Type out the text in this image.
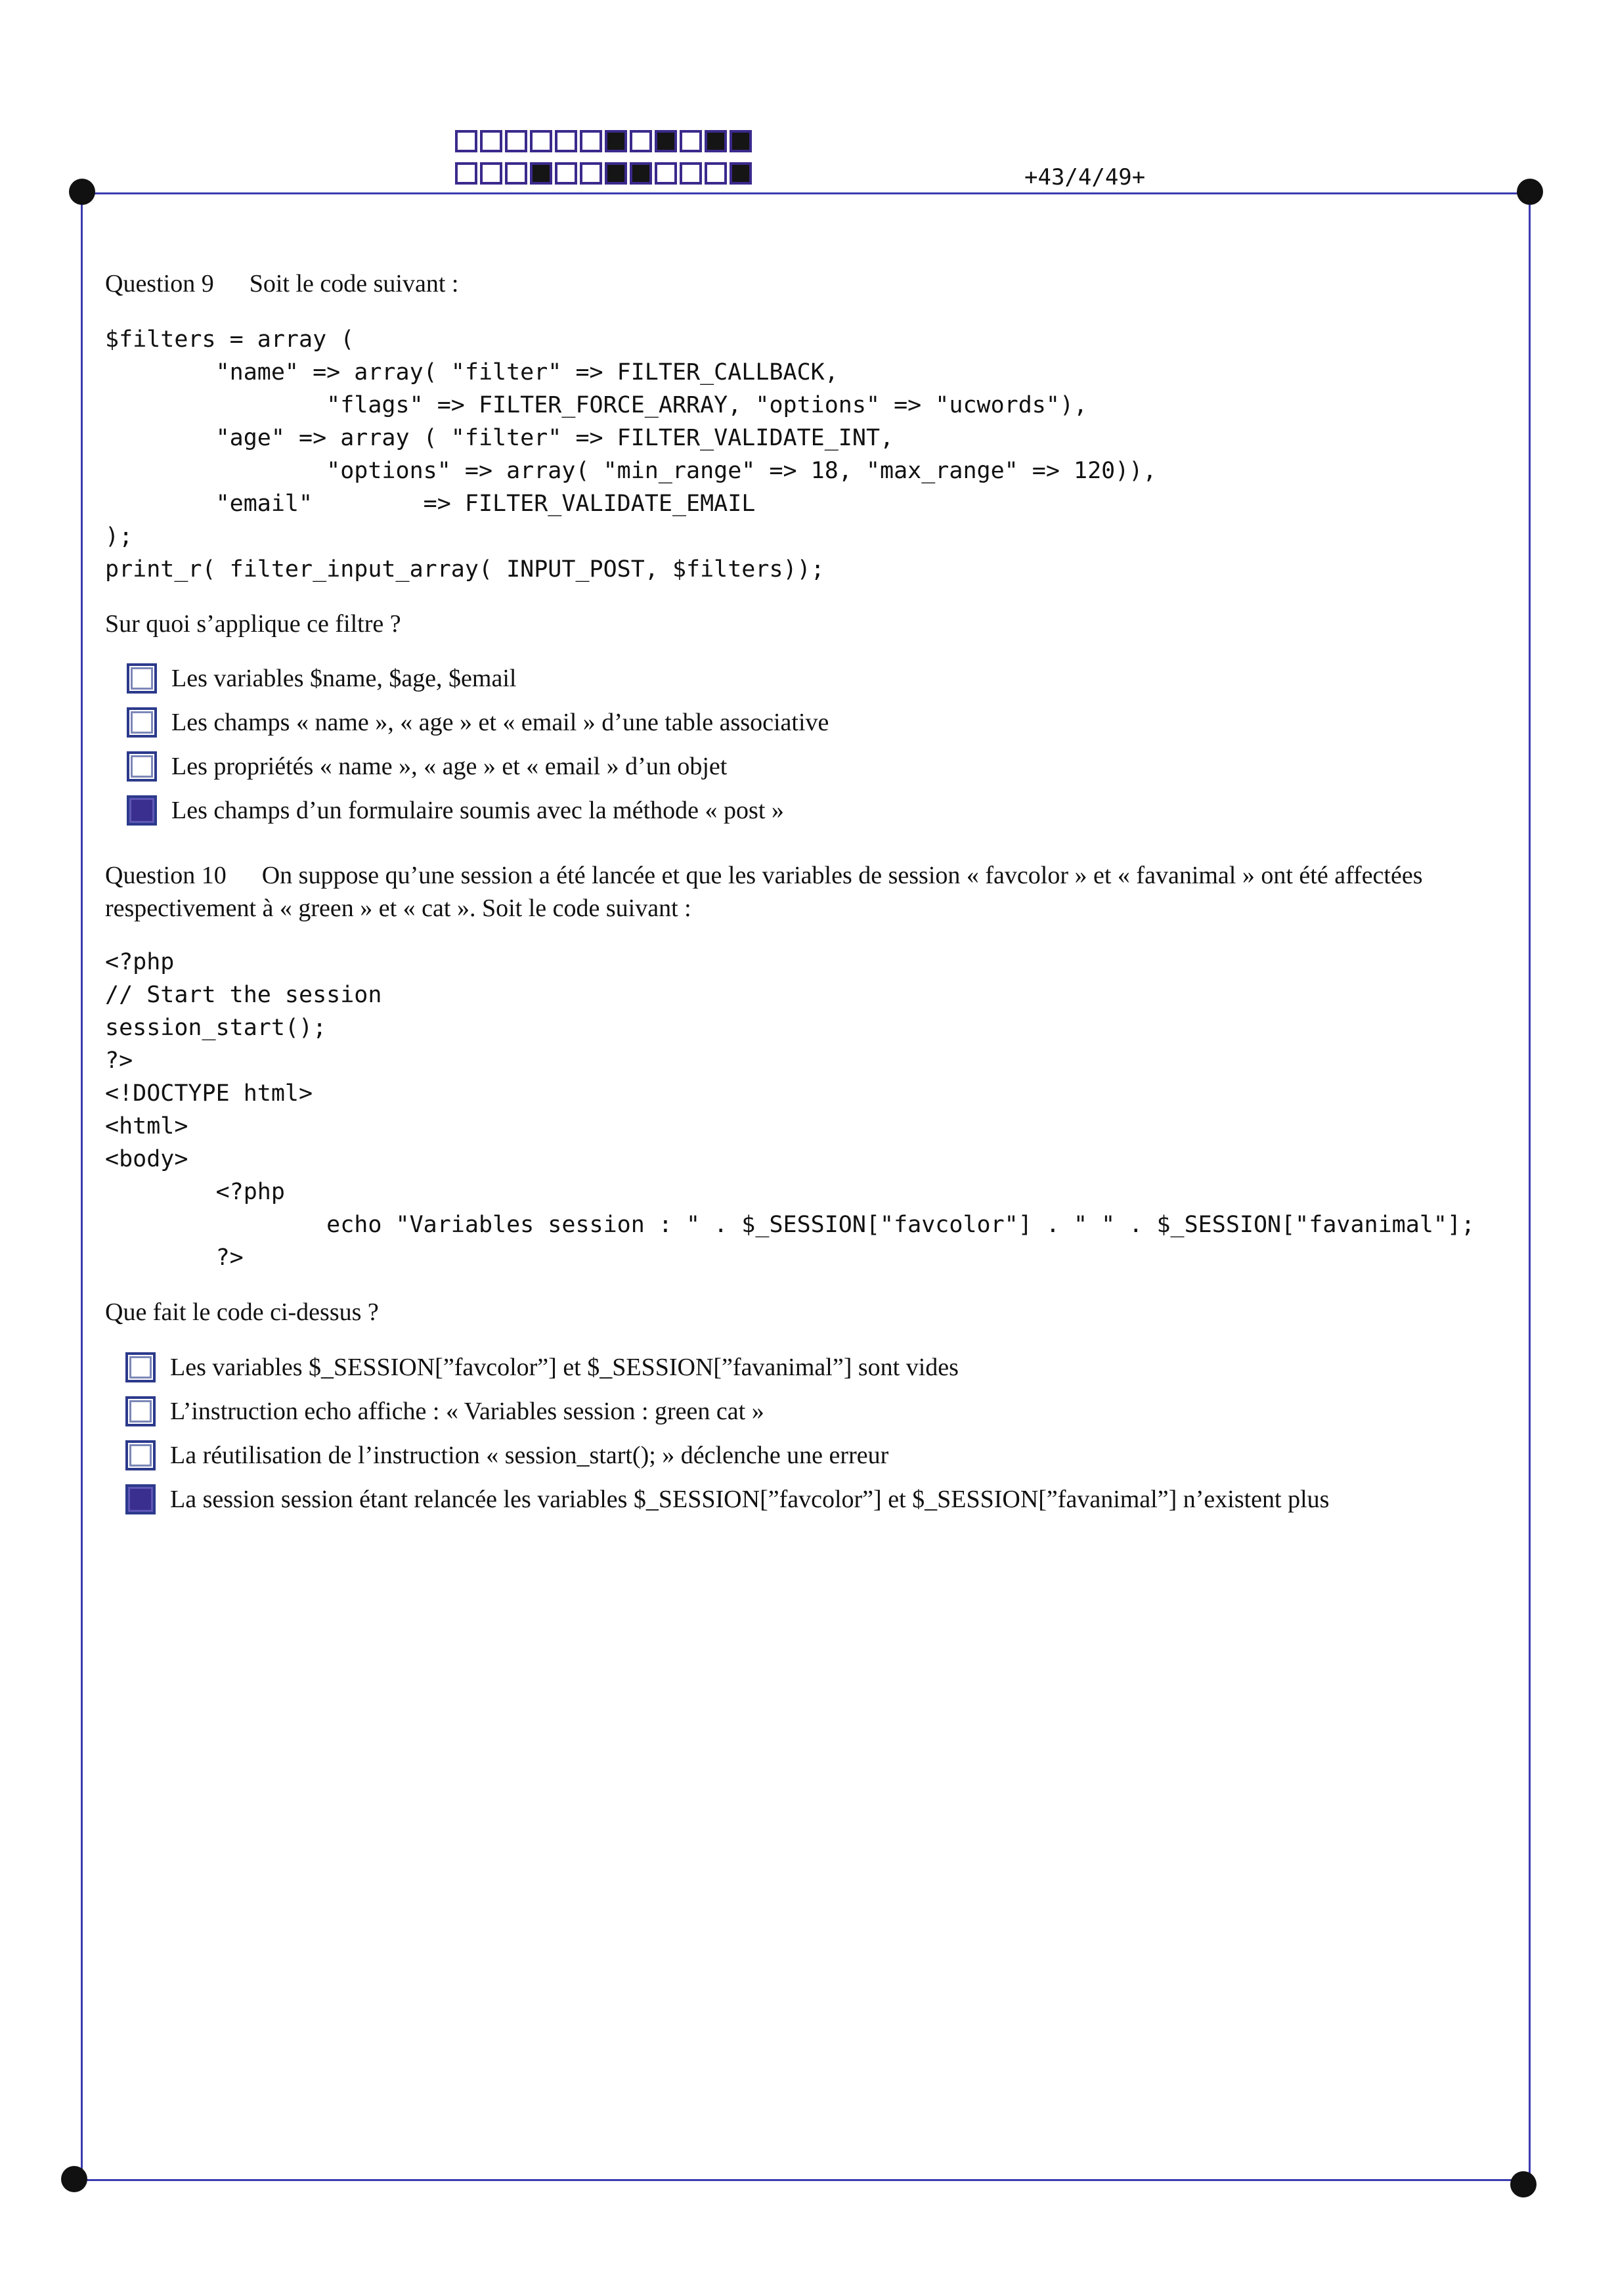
+43/4/49+
Question 9 Soit le code suivant :
$filters = array (
"name" => array( "filter" => FILTER_CALLBACK,
"flags" => FILTER_FORCE_ARRAY, "options" => "ucwords"),
"age" => array ( "filter" => FILTER_VALIDATE_INT,
"options" => array( "min_range" => 18, "max_range" => 120)),
"email"        => FILTER_VALIDATE_EMAIL
);
print_r( filter_input_array( INPUT_POST, $filters));
Sur quoi s’applique ce filtre ?
Les variables $name, $age, $email
Les champs « name », « age » et « email » d’une table associative
Les propriétés « name », « age » et « email » d’un objet
Les champs d’un formulaire soumis avec la méthode « post »
Question 10 On suppose qu’une session a été lancée et que les variables de session « favcolor » et « favanimal » ont été affectées respectivement à « green » et « cat ». Soit le code suivant :
<?php
// Start the session
session_start();
?>
<!DOCTYPE html>
<html>
<body>
<?php
echo "Variables session : " . $_SESSION["favcolor"] . " " . $_SESSION["favanimal"];
?>
Que fait le code ci-dessus ?
Les variables $_SESSION[”favcolor”] et $_SESSION[”favanimal”] sont vides
L’instruction echo affiche : « Variables session : green cat »
La réutilisation de l’instruction « session_start(); » déclenche une erreur
La session session étant relancée les variables $_SESSION[”favcolor”] et $_SESSION[”favanimal”] n’existent plus
